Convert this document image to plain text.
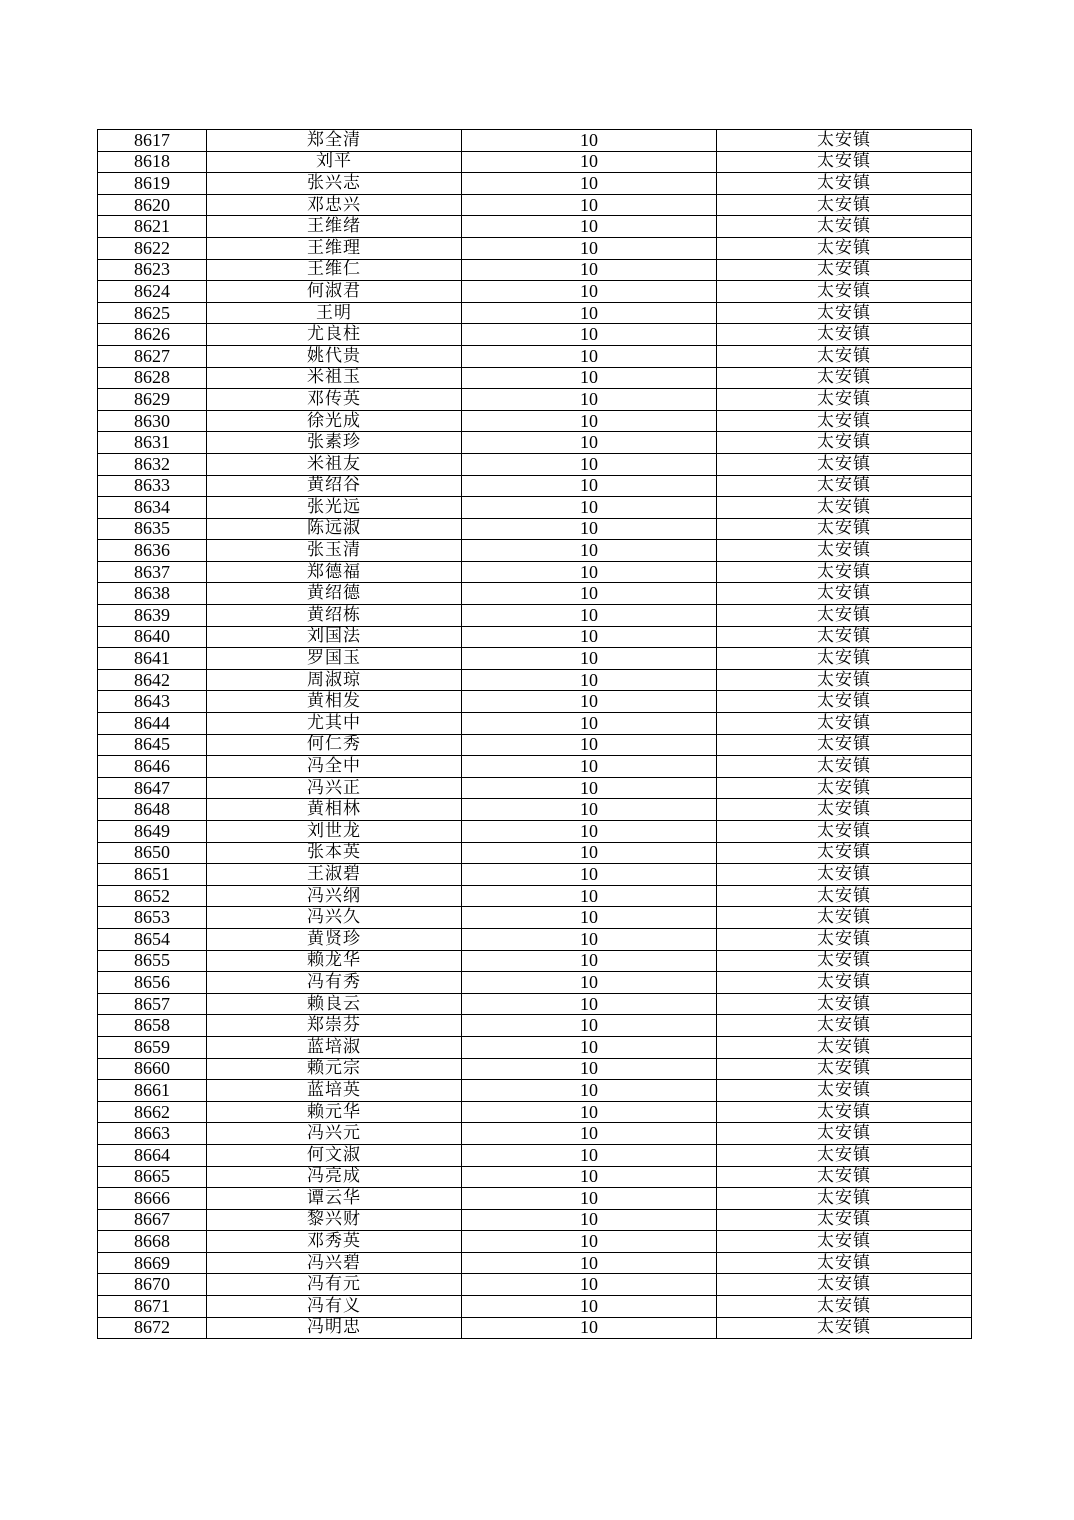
8617	郑全清	10	太安镇
8618	刘平	10	太安镇
8619	张兴志	10	太安镇
8620	邓忠兴	10	太安镇
8621	王维绪	10	太安镇
8622	王维理	10	太安镇
8623	王维仁	10	太安镇
8624	何淑君	10	太安镇
8625	王明	10	太安镇
8626	尤良柱	10	太安镇
8627	姚代贵	10	太安镇
8628	米祖玉	10	太安镇
8629	邓传英	10	太安镇
8630	徐光成	10	太安镇
8631	张素珍	10	太安镇
8632	米祖友	10	太安镇
8633	黄绍谷	10	太安镇
8634	张光远	10	太安镇
8635	陈远淑	10	太安镇
8636	张玉清	10	太安镇
8637	郑德福	10	太安镇
8638	黄绍德	10	太安镇
8639	黄绍栋	10	太安镇
8640	刘国法	10	太安镇
8641	罗国玉	10	太安镇
8642	周淑琼	10	太安镇
8643	黄相发	10	太安镇
8644	尤其中	10	太安镇
8645	何仁秀	10	太安镇
8646	冯全中	10	太安镇
8647	冯兴正	10	太安镇
8648	黄相林	10	太安镇
8649	刘世龙	10	太安镇
8650	张本英	10	太安镇
8651	王淑碧	10	太安镇
8652	冯兴纲	10	太安镇
8653	冯兴久	10	太安镇
8654	黄贤珍	10	太安镇
8655	赖龙华	10	太安镇
8656	冯有秀	10	太安镇
8657	赖良云	10	太安镇
8658	郑崇芬	10	太安镇
8659	蓝培淑	10	太安镇
8660	赖元宗	10	太安镇
8661	蓝培英	10	太安镇
8662	赖元华	10	太安镇
8663	冯兴元	10	太安镇
8664	何文淑	10	太安镇
8665	冯亮成	10	太安镇
8666	谭云华	10	太安镇
8667	黎兴财	10	太安镇
8668	邓秀英	10	太安镇
8669	冯兴碧	10	太安镇
8670	冯有元	10	太安镇
8671	冯有义	10	太安镇
8672	冯明忠	10	太安镇
